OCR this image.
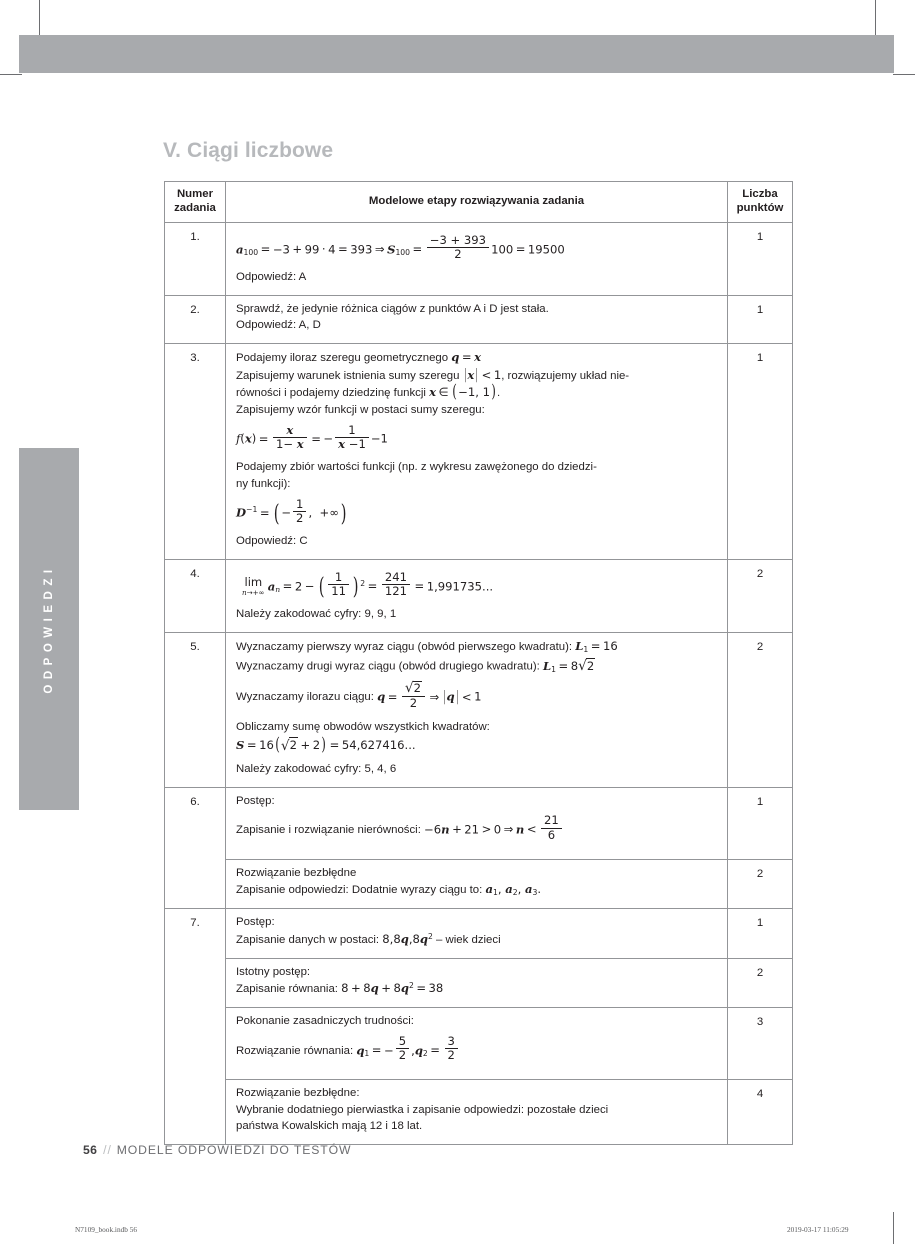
ODPOWIEDZI
V. Ciągi liczbowe
Numer
zadania	Modelowe etapy rozwiązywania zadania	Liczba
punktów
1.	$a_{100} = -3 + 99 \cdot 4 = 393$ ⇒ $S_{100} = \frac{-3 + 393}{2} 100 = 19500$
Odpowiedź: A	1
2.	Sprawdź, że jedynie różnica ciągów z punktów A i D jest stała.
Odpowiedź: A, D	1
3.	Podajemy iloraz szeregu geometrycznego q = x
Zapisujemy warunek istnienia sumy szeregu |x| < 1, rozwiązujemy układ nie-
równości i podajemy dziedzinę funkcji x ∈ (−1, 1).
Zapisujemy wzór funkcji w postaci sumy szeregu:
$f(x) = \frac{x}{1- x}$ = − $\frac{1}{x -1} -1$
Podajemy zbiór wartości funkcji (np. z wykresu zawężonego do dziedzi-
ny funkcji):
$D^{-1}$ = ( − $\frac{1}{2}$ ,  +∞)
Odpowiedź: C
	1
4.	
lim
n→+∞ $a_n = 2$ − ( $\frac{1}{11}$ ) $^2 = \frac{241}{121} = 1,991735$...
Należy zakodować cyfry: 9, 9, 1
	2
5.	Wyznaczamy pierwszy wyraz ciągu (obwód pierwszego kwadratu): $L_1 = 16$
Wyznaczamy drugi wyraz ciągu (obwód drugiego kwadratu): $L_1 = 8√2$
Wyznaczamy ilorazu ciągu: $q = \frac{√2}{2}$ ⇒ |q| < 1
Obliczamy sumę obwodów wszystkich kwadratów:
S = 16(√2 + 2) = 54,627416...
Należy zakodować cyfry: 5, 4, 6
	2
6.	Postęp:
Zapisanie i rozwiązanie nierówności: −6n + 21 > 0 ⇒ $n < \frac{21}{6}$	1

	Rozwiązanie bezbłędne
Zapisanie odpowiedzi: Dodatnie wyrazy ciągu to: $a_1$, $a_2$, $a_3$.	2
7.	Postęp:
Zapisanie danych w postaci: $8,8q,8q^2$ – wiek dzieci	1

	Istotny postęp:
Zapisanie równania: $8 + 8q + 8q^2 = 38$	2

Pokonanie zasadniczych trudności:
Rozwiązanie równania: $q_1$ = − $\frac{5}{2} ,q_2 = \frac{3}{2}$
	3

	Rozwiązanie bezbłędne:
Wybranie dodatniego pierwiastka i zapisanie odpowiedzi: pozostałe dzieci
państwa Kowalskich mają 12 i 18 lat.	4
56 // MODELE ODPOWIEDZI DO TESTÓW
N7109_book.indb 56	2019-03-17 11:05:29
